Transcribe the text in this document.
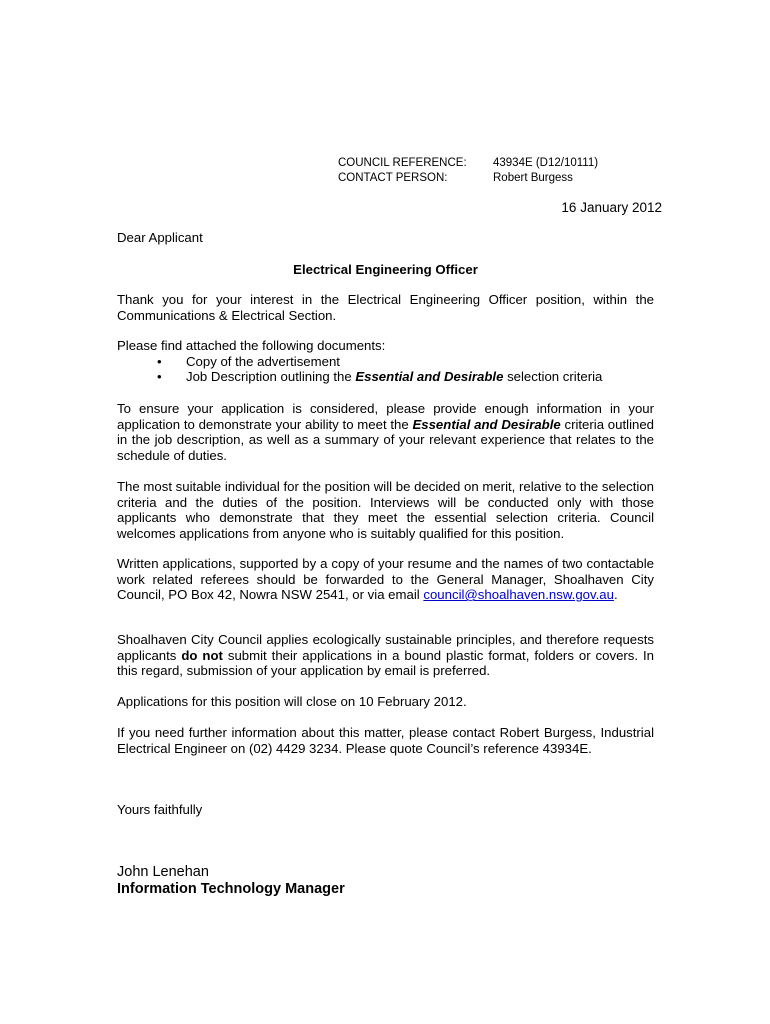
COUNCIL REFERENCE:	43934E (D12/10111)
CONTACT PERSON:	Robert Burgess
16 January 2012
Dear Applicant
Electrical Engineering Officer
Thank you for your interest in the Electrical Engineering Officer position, within the Communications & Electrical Section.
Please find attached the following documents:
• Copy of the advertisement
• Job Description outlining the Essential and Desirable selection criteria
To ensure your application is considered, please provide enough information in your application to demonstrate your ability to meet the Essential and Desirable criteria outlined in the job description, as well as a summary of your relevant experience that relates to the schedule of duties.
The most suitable individual for the position will be decided on merit, relative to the selection criteria and the duties of the position. Interviews will be conducted only with those applicants who demonstrate that they meet the essential selection criteria. Council welcomes applications from anyone who is suitably qualified for this position.
Written applications, supported by a copy of your resume and the names of two contactable work related referees should be forwarded to the General Manager, Shoalhaven City Council, PO Box 42, Nowra NSW 2541, or via email council@shoalhaven.nsw.gov.au.
Shoalhaven City Council applies ecologically sustainable principles, and therefore requests applicants do not submit their applications in a bound plastic format, folders or covers. In this regard, submission of your application by email is preferred.
Applications for this position will close on 10 February 2012.
If you need further information about this matter, please contact Robert Burgess, Industrial Electrical Engineer on (02) 4429 3234. Please quote Council’s reference 43934E.
Yours faithfully
John Lenehan
Information Technology Manager
